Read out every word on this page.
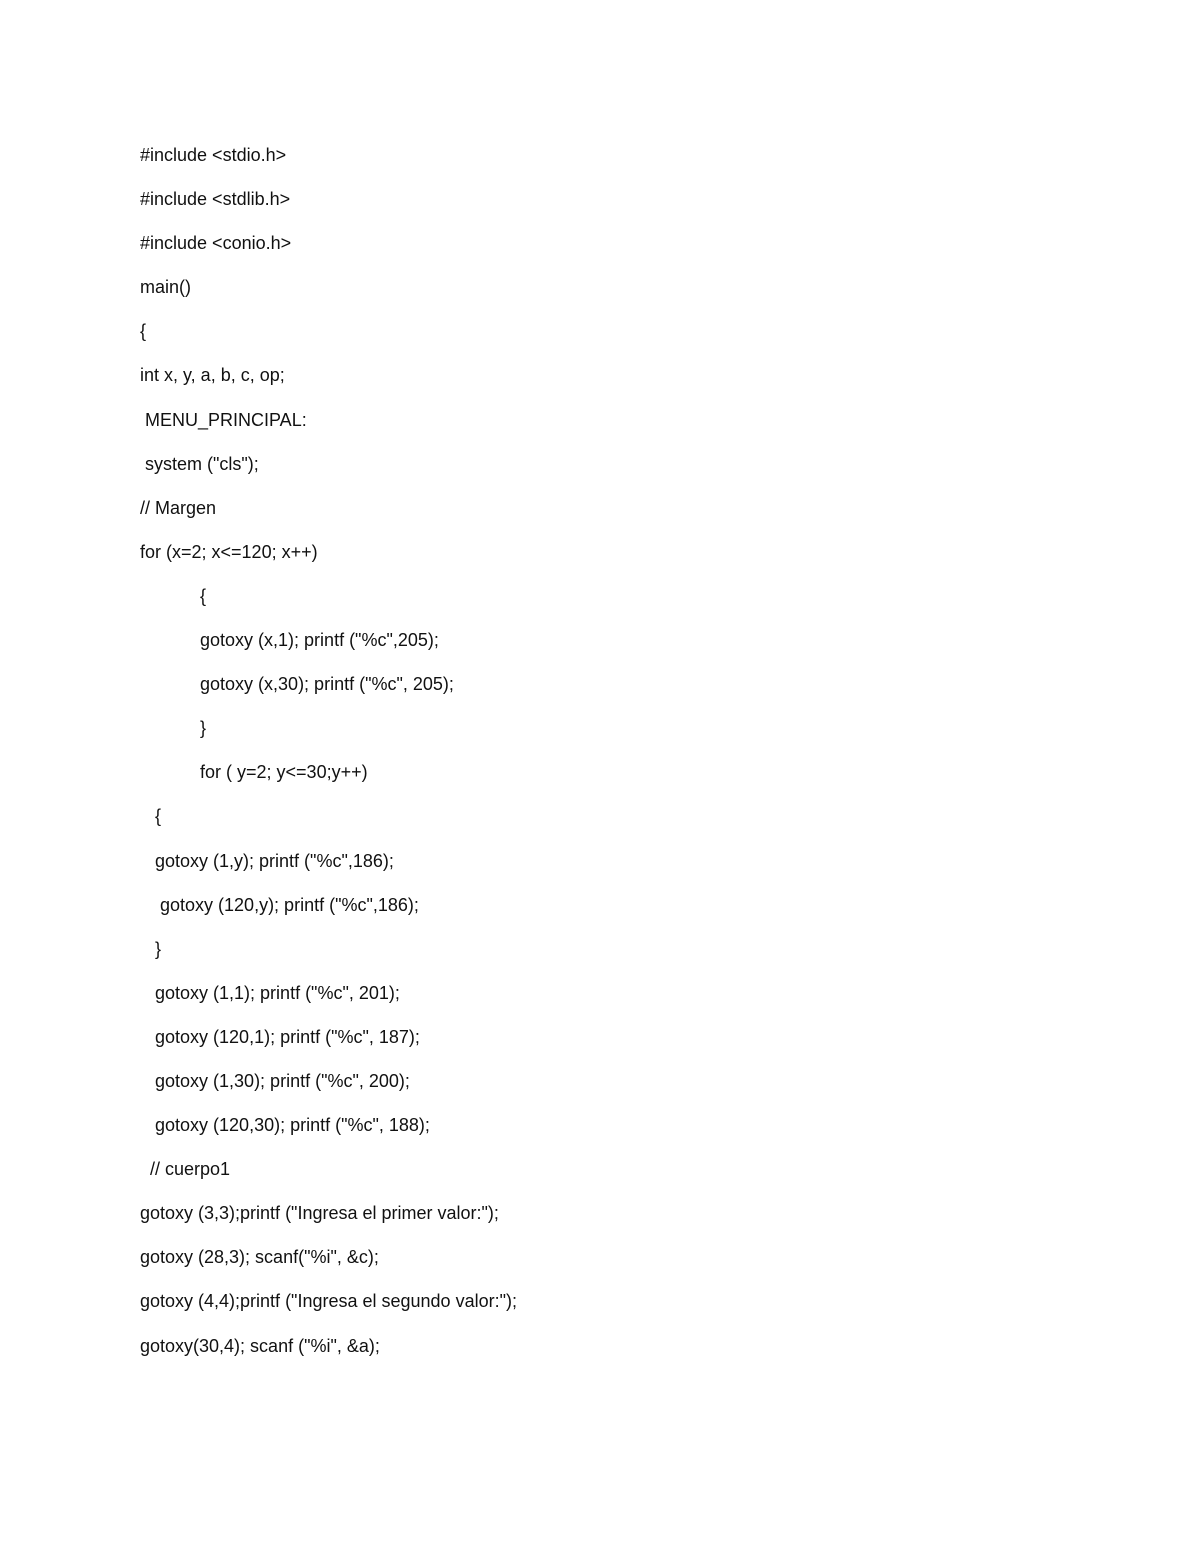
#include <stdio.h>
#include <stdlib.h>
#include <conio.h>
main()
{
int x, y, a, b, c, op;
MENU_PRINCIPAL:
system ("cls");
// Margen
for (x=2; x<=120; x++)
{
gotoxy (x,1); printf ("%c",205);
gotoxy (x,30); printf ("%c", 205);
}
for ( y=2; y<=30;y++)
{
gotoxy (1,y); printf ("%c",186);
gotoxy (120,y); printf ("%c",186);
}
gotoxy (1,1); printf ("%c", 201);
gotoxy (120,1); printf ("%c", 187);
gotoxy (1,30); printf ("%c", 200);
gotoxy (120,30); printf ("%c", 188);
// cuerpo1
gotoxy (3,3);printf ("Ingresa el primer valor:");
gotoxy (28,3); scanf("%i", &c);
gotoxy (4,4);printf ("Ingresa el segundo valor:");
gotoxy(30,4); scanf ("%i", &a);
